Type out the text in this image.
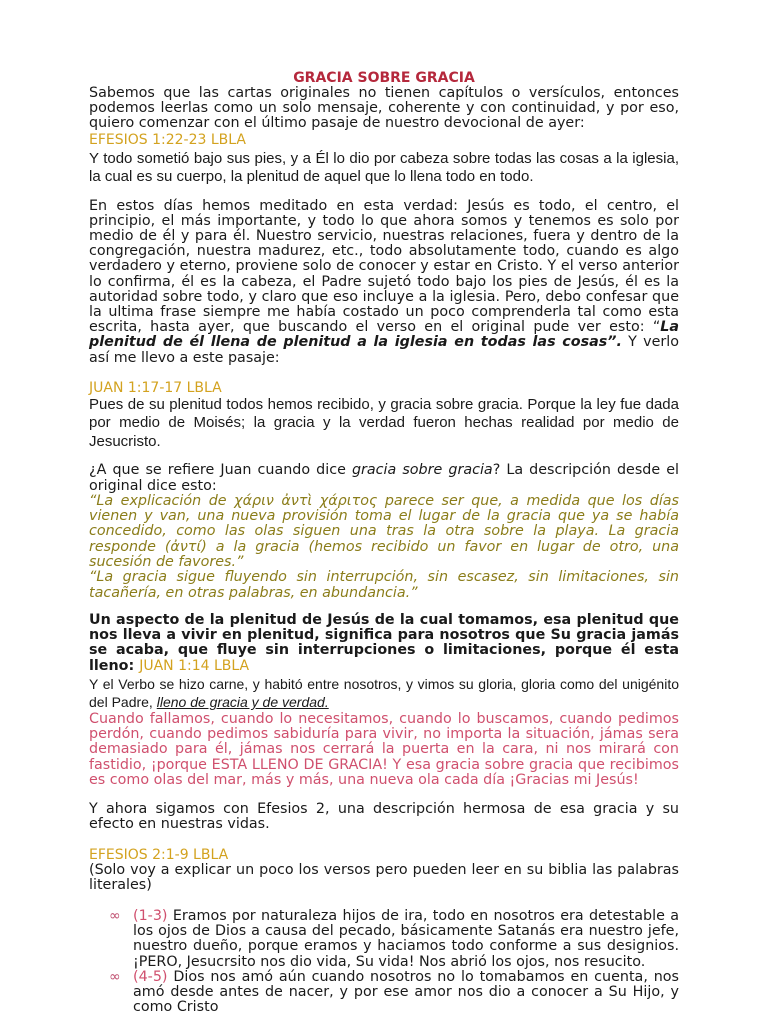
GRACIA SOBRE GRACIA

Sabemos que las cartas originales no tienen capítulos o versículos, entonces podemos leerlas como un solo mensaje, coherente y con continuidad, y por eso, quiero comenzar con el último pasaje de nuestro devocional de ayer:

EFESIOS 1:22-23 LBLA

Y todo sometió bajo sus pies, y a Él lo dio por cabeza sobre todas las cosas a la iglesia, la cual es su cuerpo, la plenitud de aquel que lo llena todo en todo.

En estos días hemos meditado en esta verdad: Jesús es todo, el centro, el principio, el más importante, y todo lo que ahora somos y tenemos es solo por medio de él y para él. Nuestro servicio, nuestras relaciones, fuera y dentro de la congregación, nuestra madurez, etc., todo absolutamente todo, cuando es algo verdadero y eterno, proviene solo de conocer y estar en Cristo. Y el verso anterior lo confirma, él es la cabeza, el Padre sujetó todo bajo los pies de Jesús, él es la autoridad sobre todo, y claro que eso incluye a la iglesia. Pero, debo confesar que la ultima frase siempre me había costado un poco comprenderla tal como esta escrita, hasta ayer, que buscando el verso en el original pude ver esto: “La plenitud de él llena de plenitud a la iglesia en todas las cosas”. Y verlo así me llevo a este pasaje:

JUAN 1:17-17 LBLA

Pues de su plenitud todos hemos recibido, y gracia sobre gracia. Porque la ley fue dada por medio de Moisés; la gracia y la verdad fueron hechas realidad por medio de Jesucristo.

¿A que se refiere Juan cuando dice gracia sobre gracia? La descripción desde el original dice esto:

“La explicación de χάριν ἀντὶ χάριτος parece ser que, a medida que los días vienen y van, una nueva provisión toma el lugar de la gracia que ya se había concedido, como las olas siguen una tras la otra sobre la playa. La gracia responde (ἀντί) a la gracia (hemos recibido un favor en lugar de otro, una sucesión de favores.”

“La gracia sigue fluyendo sin interrupción, sin escasez, sin limitaciones, sin tacañería, en otras palabras, en abundancia.”

Un aspecto de la plenitud de Jesús de la cual tomamos, esa plenitud que nos lleva a vivir en plenitud, significa para nosotros que Su gracia jamás se acaba, que fluye sin interrupciones o limitaciones, porque él esta lleno: JUAN 1:14 LBLA

Y el Verbo se hizo carne, y habitó entre nosotros, y vimos su gloria, gloria como del unigénito del Padre, lleno de gracia y de verdad.

Cuando fallamos, cuando lo necesitamos, cuando lo buscamos, cuando pedimos perdón, cuando pedimos sabiduría para vivir, no importa la situación, jámas sera demasiado para él, jámas nos cerrará la puerta en la cara, ni nos mirará con fastidio, ¡porque ESTA LLENO DE GRACIA! Y esa gracia sobre gracia que recibimos es como olas del mar, más y más, una nueva ola cada día ¡Gracias mi Jesús!

Y ahora sigamos con Efesios 2, una descripción hermosa de esa gracia y su efecto en nuestras vidas.

EFESIOS 2:1-9 LBLA

(Solo voy a explicar un poco los versos pero pueden leer en su biblia las palabras literales)

∞ (1-3) Eramos por naturaleza hijos de ira, todo en nosotros era detestable a los ojos de Dios a causa del pecado, básicamente Satanás era nuestro jefe, nuestro dueño, porque eramos y haciamos todo conforme a sus designios. ¡PERO, Jesucrsito nos dio vida, Su vida! Nos abrió los ojos, nos resucito.

∞ (4-5) Dios nos amó aún cuando nosotros no lo tomabamos en cuenta, nos amó desde antes de nacer, y por ese amor nos dio a conocer a Su Hijo, y como Cristo
